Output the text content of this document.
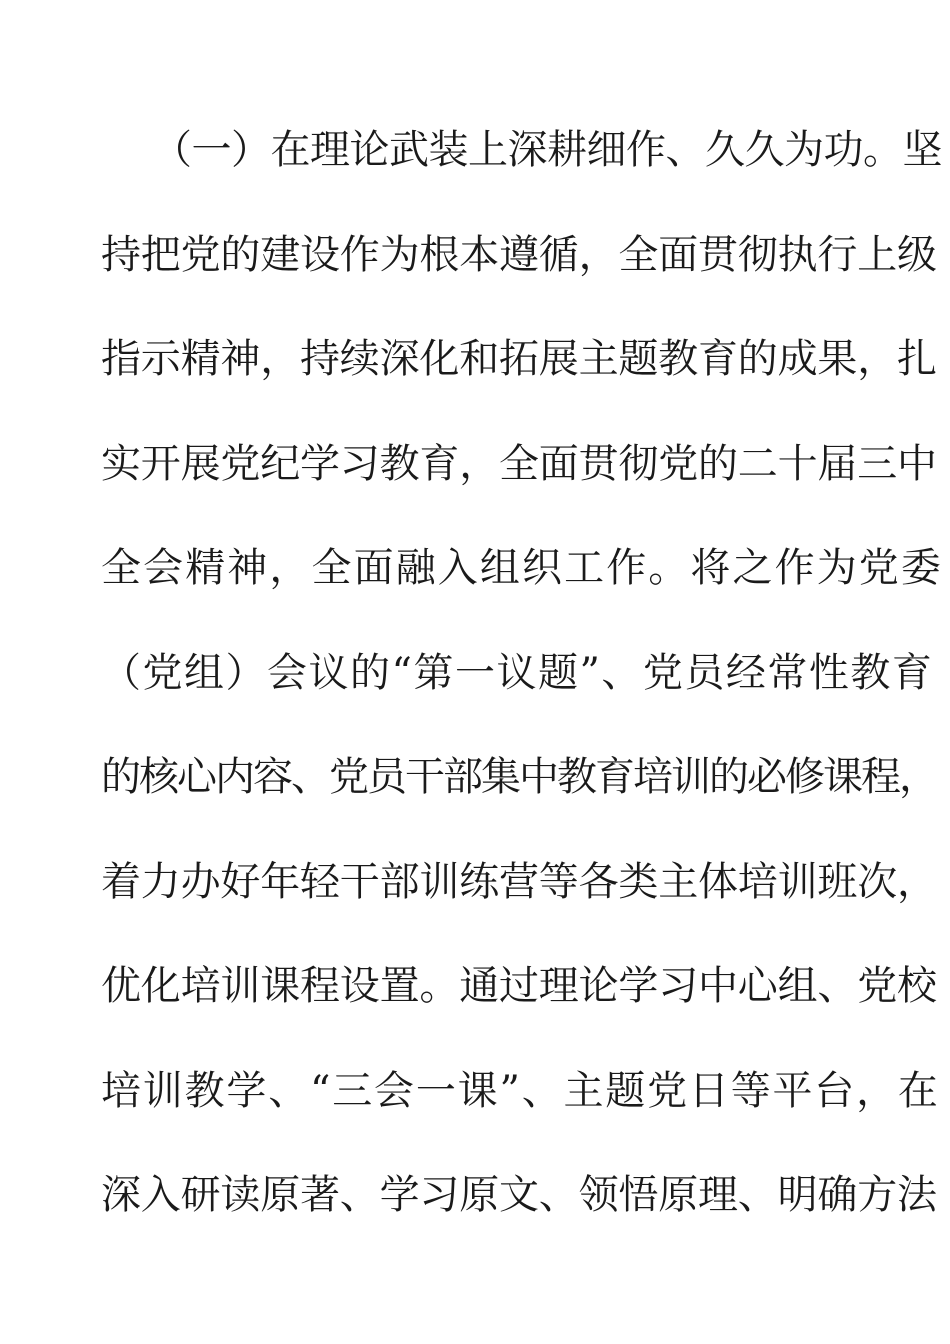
（一）在理论武装上深耕细作、久久为功。坚
持把党的建设作为根本遵循，全面贯彻执行上级
指示精神，持续深化和拓展主题教育的成果，扎
实开展党纪学习教育，全面贯彻党的二十届三中
全会精神，全面融入组织工作。将之作为党委
（党组）会议的“第一议题”、党员经常性教育
的核心内容、党员干部集中教育培训的必修课程，
着力办好年轻干部训练营等各类主体培训班次，
优化培训课程设置。通过理论学习中心组、党校
培训教学、“三会一课”、主题党日等平台，在
深入研读原著、学习原文、领悟原理、明确方法
